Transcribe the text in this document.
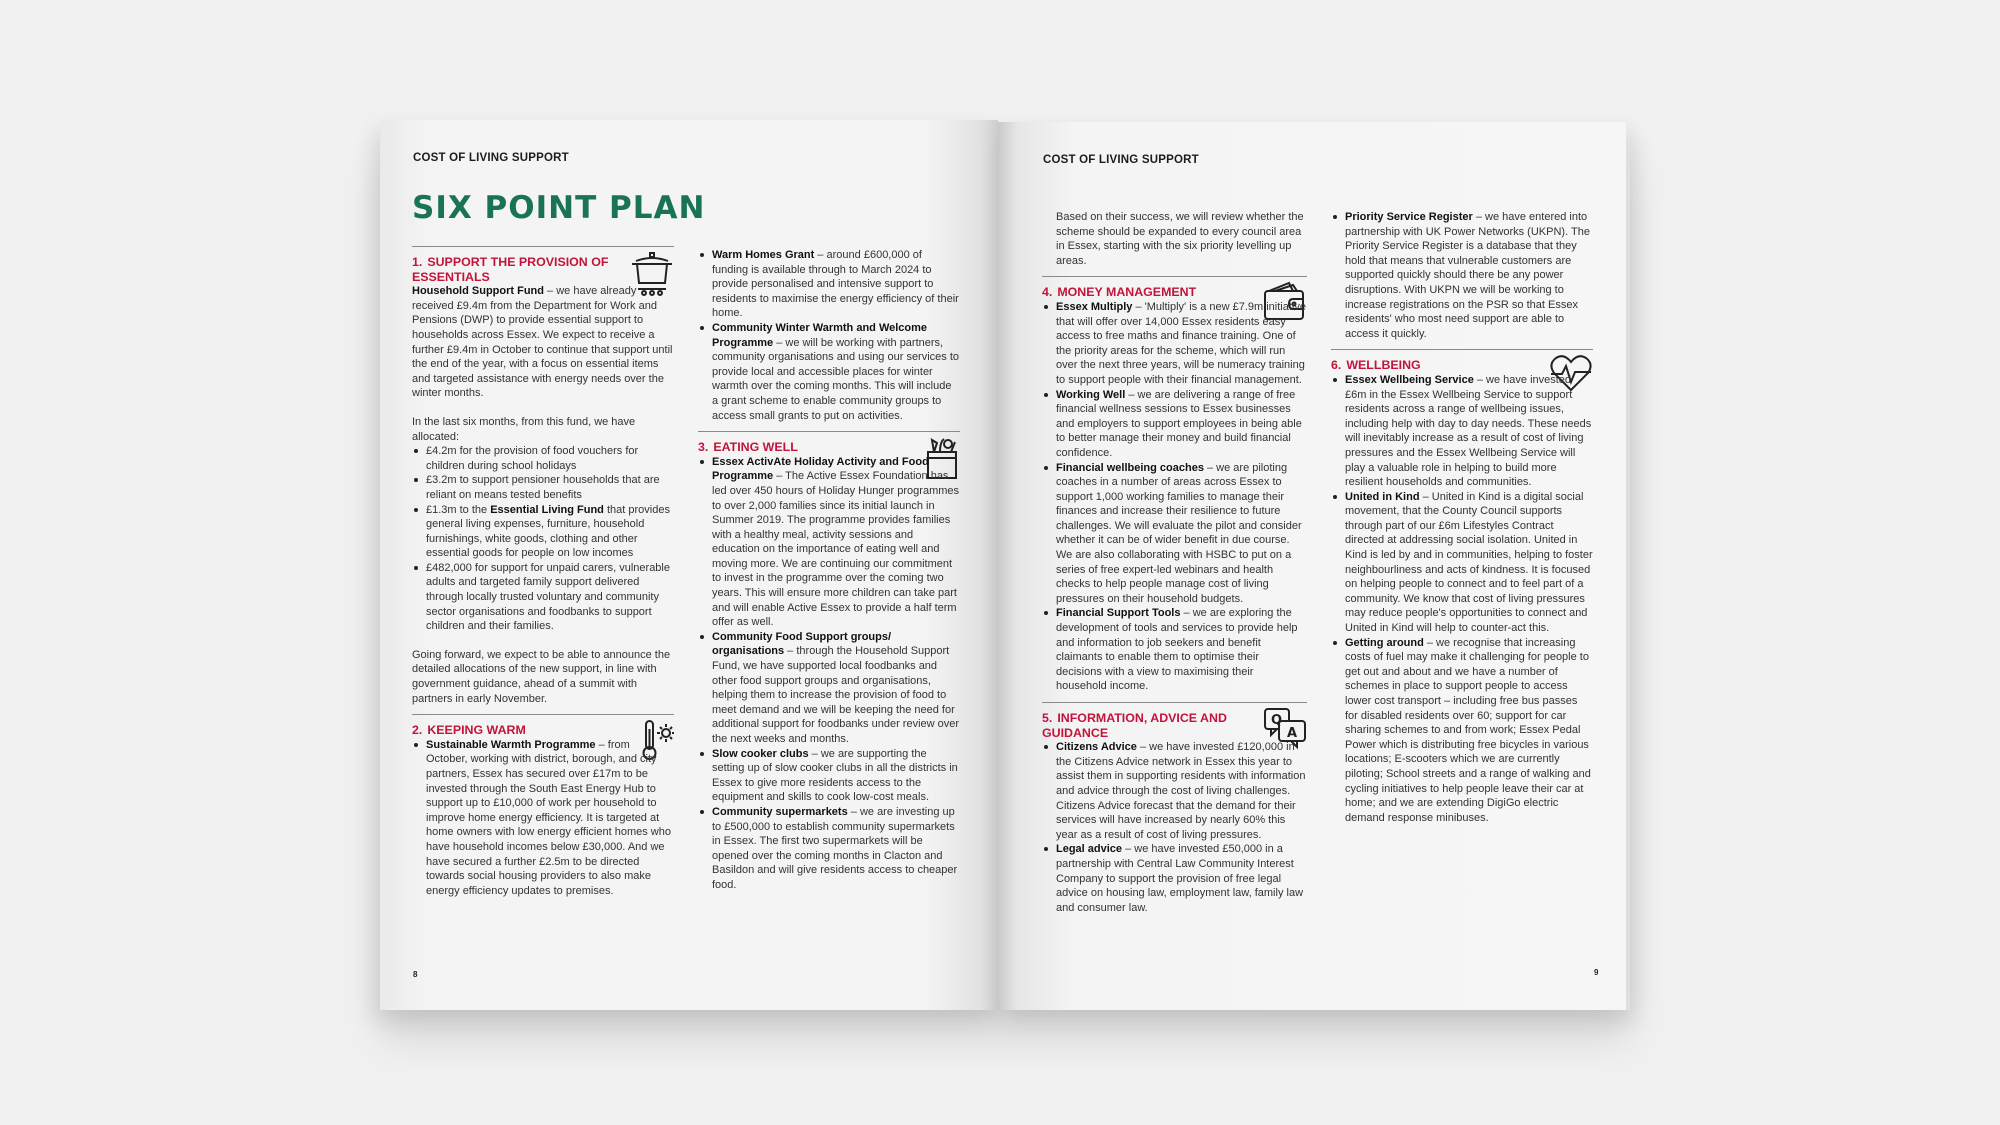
COST OF LIVING SUPPORT
SIX POINT PLAN

1. SUPPORT THE PROVISION OF ESSENTIALS

Household Support Fund – we have already received £9.4m from the Department for Work and Pensions (DWP) to provide essential support to households across Essex. We expect to receive a further £9.4m in October to continue that support until the end of the year, with a focus on essential items and targeted assistance with energy needs over the winter months.

In the last six months, from this fund, we have allocated:

£4.2m for the provision of food vouchers for children during school holidays
£3.2m to support pensioner households that are reliant on means tested benefits
£1.3m to the Essential Living Fund that provides general living expenses, furniture, household furnishings, white goods, clothing and other essential goods for people on low incomes
£482,000 for support for unpaid carers, vulnerable adults and targeted family support delivered through locally trusted voluntary and community sector organisations and foodbanks to support children and their families.

Going forward, we expect to be able to announce the detailed allocations of the new support, in line with government guidance, ahead of a summit with partners in early November.

2. KEEPING WARM

Sustainable Warmth Programme – from October, working with district, borough, and city partners, Essex has secured over £17m to be invested through the South East Energy Hub to support up to £10,000 of work per household to improve home energy efficiency. It is targeted at home owners with low energy efficient homes who have household incomes below £30,000. And we have secured a further £2.5m to be directed towards social housing providers to also make energy efficiency updates to premises.
Warm Homes Grant – around £600,000 of funding is available through to March 2024 to provide personalised and intensive support to residents to maximise the energy efficiency of their home.
Community Winter Warmth and Welcome Programme – we will be working with partners, community organisations and using our services to provide local and accessible places for winter warmth over the coming months. This will include a grant scheme to enable community groups to access small grants to put on activities.

3. EATING WELL

Essex ActivAte Holiday Activity and Food Programme – The Active Essex Foundation has led over 450 hours of Holiday Hunger programmes to over 2,000 families since its initial launch in Summer 2019. The programme provides families with a healthy meal, activity sessions and education on the importance of eating well and moving more. We are continuing our commitment to invest in the programme over the coming two years. This will ensure more children can take part and will enable Active Essex to provide a half term offer as well.
Community Food Support groups/ organisations – through the Household Support Fund, we have supported local foodbanks and other food support groups and organisations, helping them to increase the provision of food to meet demand and we will be keeping the need for additional support for foodbanks under review over the next weeks and months.
Slow cooker clubs – we are supporting the setting up of slow cooker clubs in all the districts in Essex to give more residents access to the equipment and skills to cook low-cost meals.
Community supermarkets – we are investing up to £500,000 to establish community supermarkets in Essex. The first two supermarkets will be opened over the coming months in Clacton and Basildon and will give residents access to cheaper food.
8
COST OF LIVING SUPPORT

Based on their success, we will review whether the scheme should be expanded to every council area in Essex, starting with the six priority levelling up areas.

4. MONEY MANAGEMENT

Essex Multiply – 'Multiply' is a new £7.9m initiative that will offer over 14,000 Essex residents easy access to free maths and finance training. One of the priority areas for the scheme, which will run over the next three years, will be numeracy training to support people with their financial management.
Working Well – we are delivering a range of free financial wellness sessions to Essex businesses and employers to support employees in being able to better manage their money and build financial confidence.
Financial wellbeing coaches – we are piloting coaches in a number of areas across Essex to support 1,000 working families to manage their finances and increase their resilience to future challenges. We will evaluate the pilot and consider whether it can be of wider benefit in due course. We are also collaborating with HSBC to put on a series of free expert-led webinars and health checks to help people manage cost of living pressures on their household budgets.
Financial Support Tools – we are exploring the development of tools and services to provide help and information to job seekers and benefit claimants to enable them to optimise their decisions with a view to maximising their household income.
Q
A

5. INFORMATION, ADVICE AND GUIDANCE

Citizens Advice – we have invested £120,000 in the Citizens Advice network in Essex this year to assist them in supporting residents with information and advice through the cost of living challenges. Citizens Advice forecast that the demand for their services will have increased by nearly 60% this year as a result of cost of living pressures.
Legal advice – we have invested £50,000 in a partnership with Central Law Community Interest Company to support the provision of free legal advice on housing law, employment law, family law and consumer law.
Priority Service Register – we have entered into partnership with UK Power Networks (UKPN). The Priority Service Register is a database that they hold that means that vulnerable customers are supported quickly should there be any power disruptions. With UKPN we will be working to increase registrations on the PSR so that Essex residents' who most need support are able to access it quickly.

6. WELLBEING

Essex Wellbeing Service – we have invested £6m in the Essex Wellbeing Service to support residents across a range of wellbeing issues, including help with day to day needs. These needs will inevitably increase as a result of cost of living pressures and the Essex Wellbeing Service will play a valuable role in helping to build more resilient households and communities.
United in Kind – United in Kind is a digital social movement, that the County Council supports through part of our £6m Lifestyles Contract directed at addressing social isolation. United in Kind is led by and in communities, helping to foster neighbourliness and acts of kindness. It is focused on helping people to connect and to feel part of a community. We know that cost of living pressures may reduce people's opportunities to connect and United in Kind will help to counter-act this.
Getting around – we recognise that increasing costs of fuel may make it challenging for people to get out and about and we have a number of schemes in place to support people to access lower cost transport – including free bus passes for disabled residents over 60; support for car sharing schemes to and from work; Essex Pedal Power which is distributing free bicycles in various locations; E-scooters which we are currently piloting; School streets and a range of walking and cycling initiatives to help people leave their car at home; and we are extending DigiGo electric demand response minibuses.
9
